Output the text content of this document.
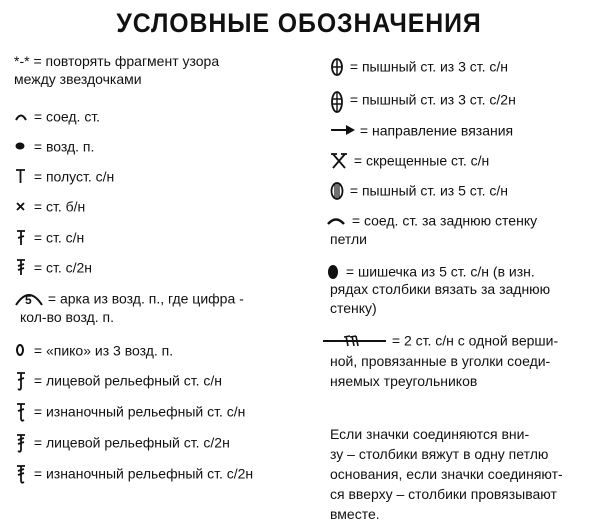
УСЛОВНЫЕ ОБОЗНАЧЕНИЯ
*-* = повторять фрагмент узора
между звездочками
= соед. ст.
= возд. п.
= полуст. с/н
= ст. б/н
= ст. с/н
= ст. с/2н
5 = арка из возд. п., где цифра -
кол-во возд. п.
= «пико» из 3 возд. п.
= лицевой рельефный ст. с/н
= изнаночный рельефный ст. с/н
= лицевой рельефный ст. с/2н
= изнаночный рельефный ст. с/2н
= пышный ст. из 3 ст. с/н
= пышный ст. из 3 ст. с/2н
= направление вязания
= скрещенные ст. с/н
= пышный ст. из 5 ст. с/н
= соед. ст. за заднюю стенку
петли
= шишечка из 5 ст. с/н (в изн.
рядах столбики вязать за заднюю
стенку)
= 2 ст. с/н с одной верши-
ной, провязанные в уголки соеди-
няемых треугольников
Если значки соединяются вни-
зу – столбики вяжут в одну петлю
основания, если значки соединяют-
ся вверху – столбики провязывают
вместе.
